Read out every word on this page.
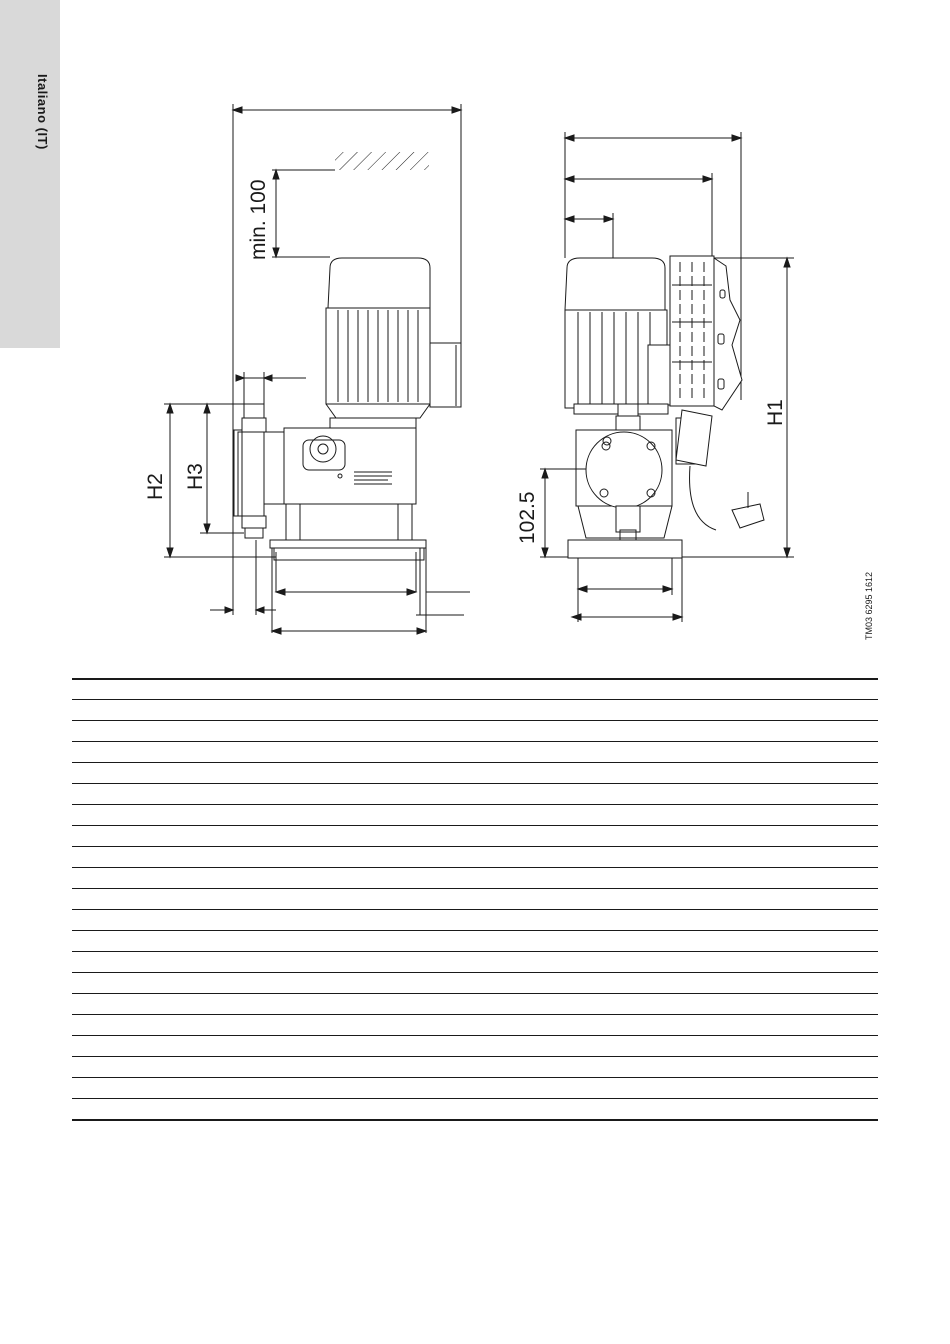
Italiano (IT)
min. 100
H2 H3
102.5
H1
TM03 6295 1612
